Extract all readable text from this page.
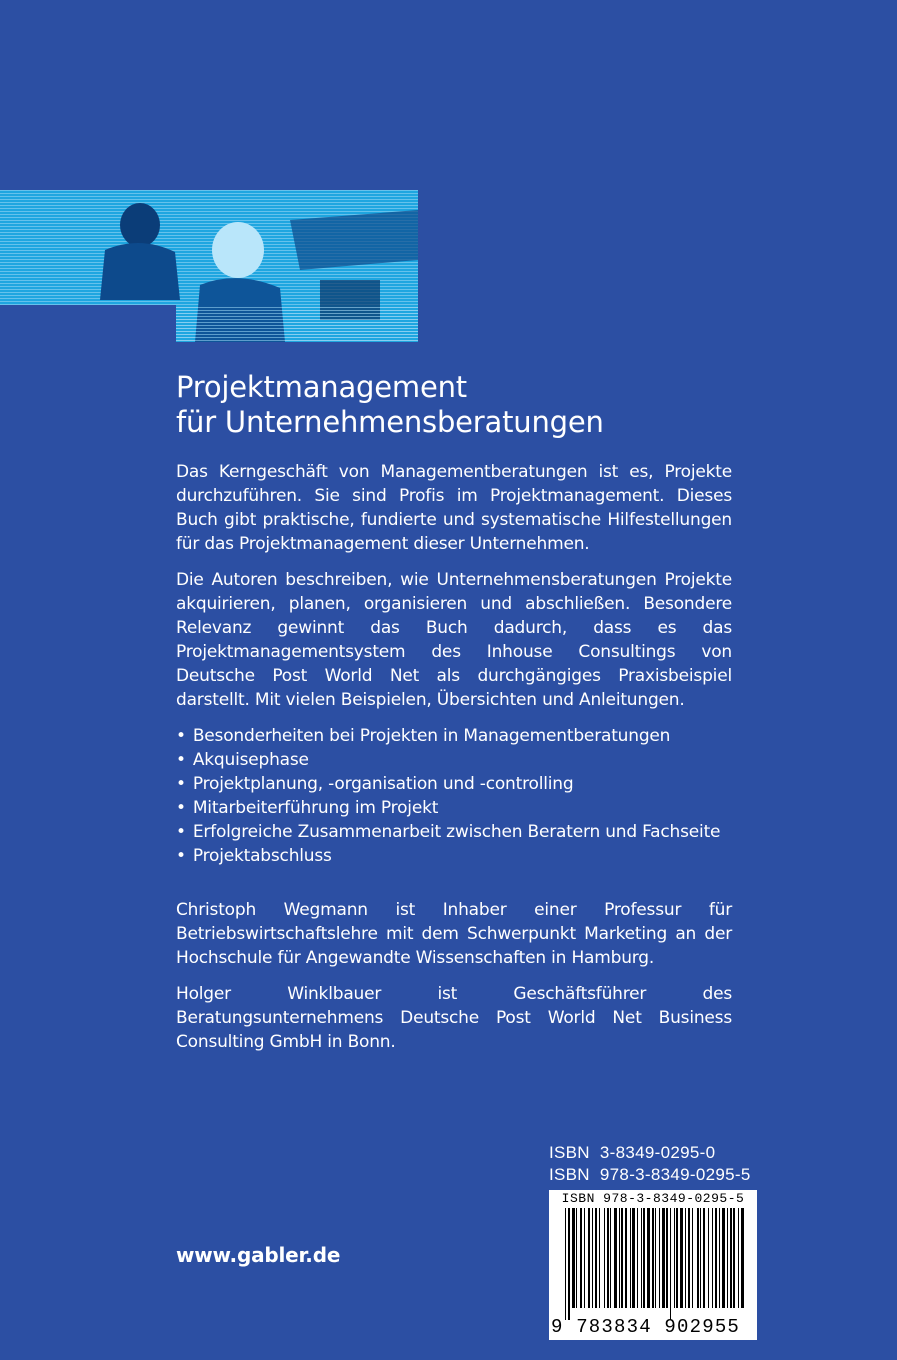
Projektmanagement
für Unternehmensberatungen

Das Kerngeschäft von Managementberatungen ist es, Projekte durchzuführen. Sie sind Profis im Projektmanagement. Dieses Buch gibt praktische, fundierte und systematische Hilfestellungen für das Projektmanagement dieser Unternehmen.

Die Autoren beschreiben, wie Unternehmensberatungen Projekte akquirieren, planen, organisieren und abschließen. Besondere Relevanz gewinnt das Buch dadurch, dass es das Projektmanagementsystem des Inhouse Consultings von Deutsche Post World Net als durchgängiges Praxisbeispiel darstellt. Mit vielen Beispielen, Übersichten und Anleitungen.

• Besonderheiten bei Projekten in Managementberatungen
• Akquisephase
• Projektplanung, -organisation und -controlling
• Mitarbeiterführung im Projekt
• Erfolgreiche Zusammenarbeit zwischen Beratern und Fachseite
• Projektabschluss

Christoph Wegmann ist Inhaber einer Professur für Betriebswirtschaftslehre mit dem Schwerpunkt Marketing an der Hochschule für Angewandte Wissenschaften in Hamburg.

Holger Winklbauer ist Geschäftsführer des Beratungsunternehmens Deutsche Post World Net Business Consulting GmbH in Bonn.

ISBN  3-8349-0295-0
ISBN  978-3-8349-0295-5
ISBN 978-3-8349-0295-5
9 783834 902955
www.gabler.de
